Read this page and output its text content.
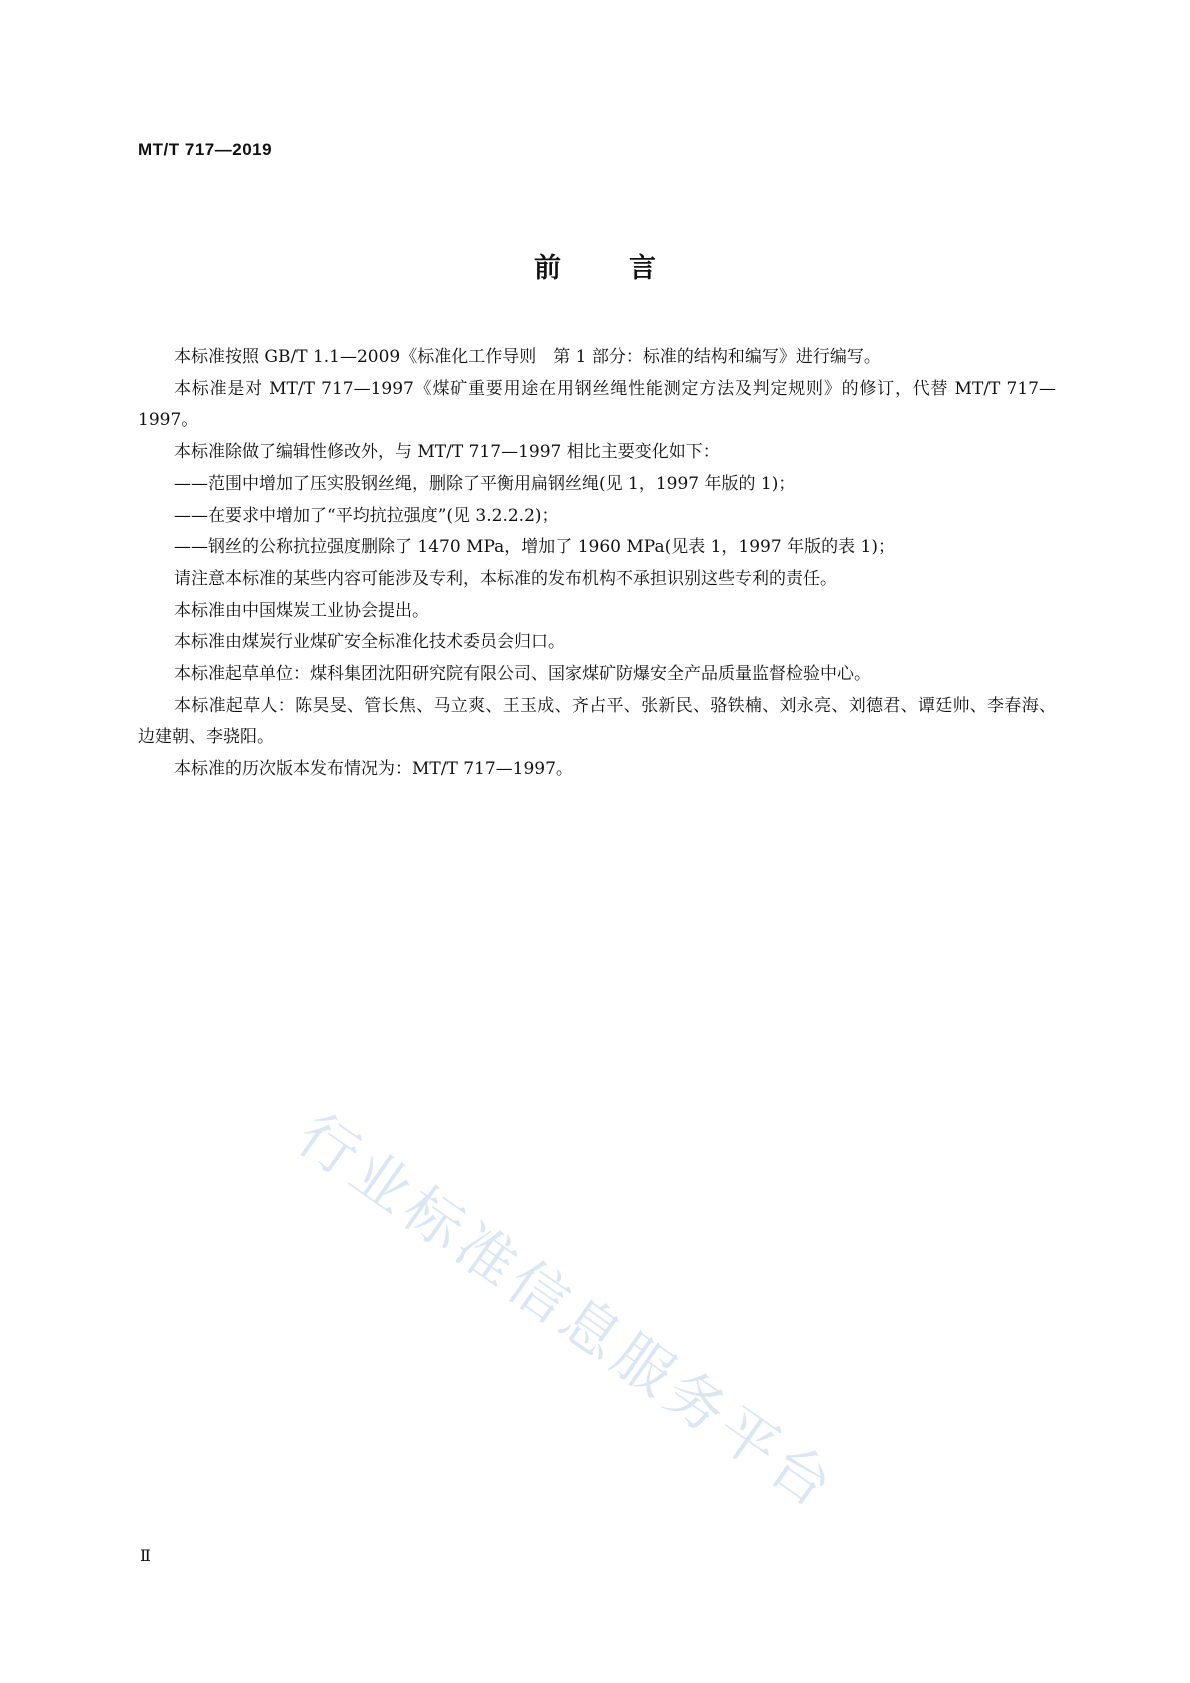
MT/T 717—2019
前言

本标准按照 GB/T 1.1—2009《标准化工作导则　第 1 部分：标准的结构和编写》进行编写。

本标准是对 MT/T 717—1997《煤矿重要用途在用钢丝绳性能测定方法及判定规则》的修订，代替 MT/T 717—1997。

本标准除做了编辑性修改外，与 MT/T 717—1997 相比主要变化如下：

——范围中增加了压实股钢丝绳，删除了平衡用扁钢丝绳(见 1，1997 年版的 1)；

——在要求中增加了“平均抗拉强度”(见 3.2.2.2)；

——钢丝的公称抗拉强度删除了 1470 MPa，增加了 1960 MPa(见表 1，1997 年版的表 1)；

请注意本标准的某些内容可能涉及专利，本标准的发布机构不承担识别这些专利的责任。

本标准由中国煤炭工业协会提出。

本标准由煤炭行业煤矿安全标准化技术委员会归口。

本标准起草单位：煤科集团沈阳研究院有限公司、国家煤矿防爆安全产品质量监督检验中心。

本标准起草人：陈昊旻、管长焦、马立爽、王玉成、齐占平、张新民、骆铁楠、刘永亮、刘德君、谭廷帅、李春海、边建朝、李骁阳。

本标准的历次版本发布情况为：MT/T 717—1997。

行业标准信息服务平台
Ⅱ
